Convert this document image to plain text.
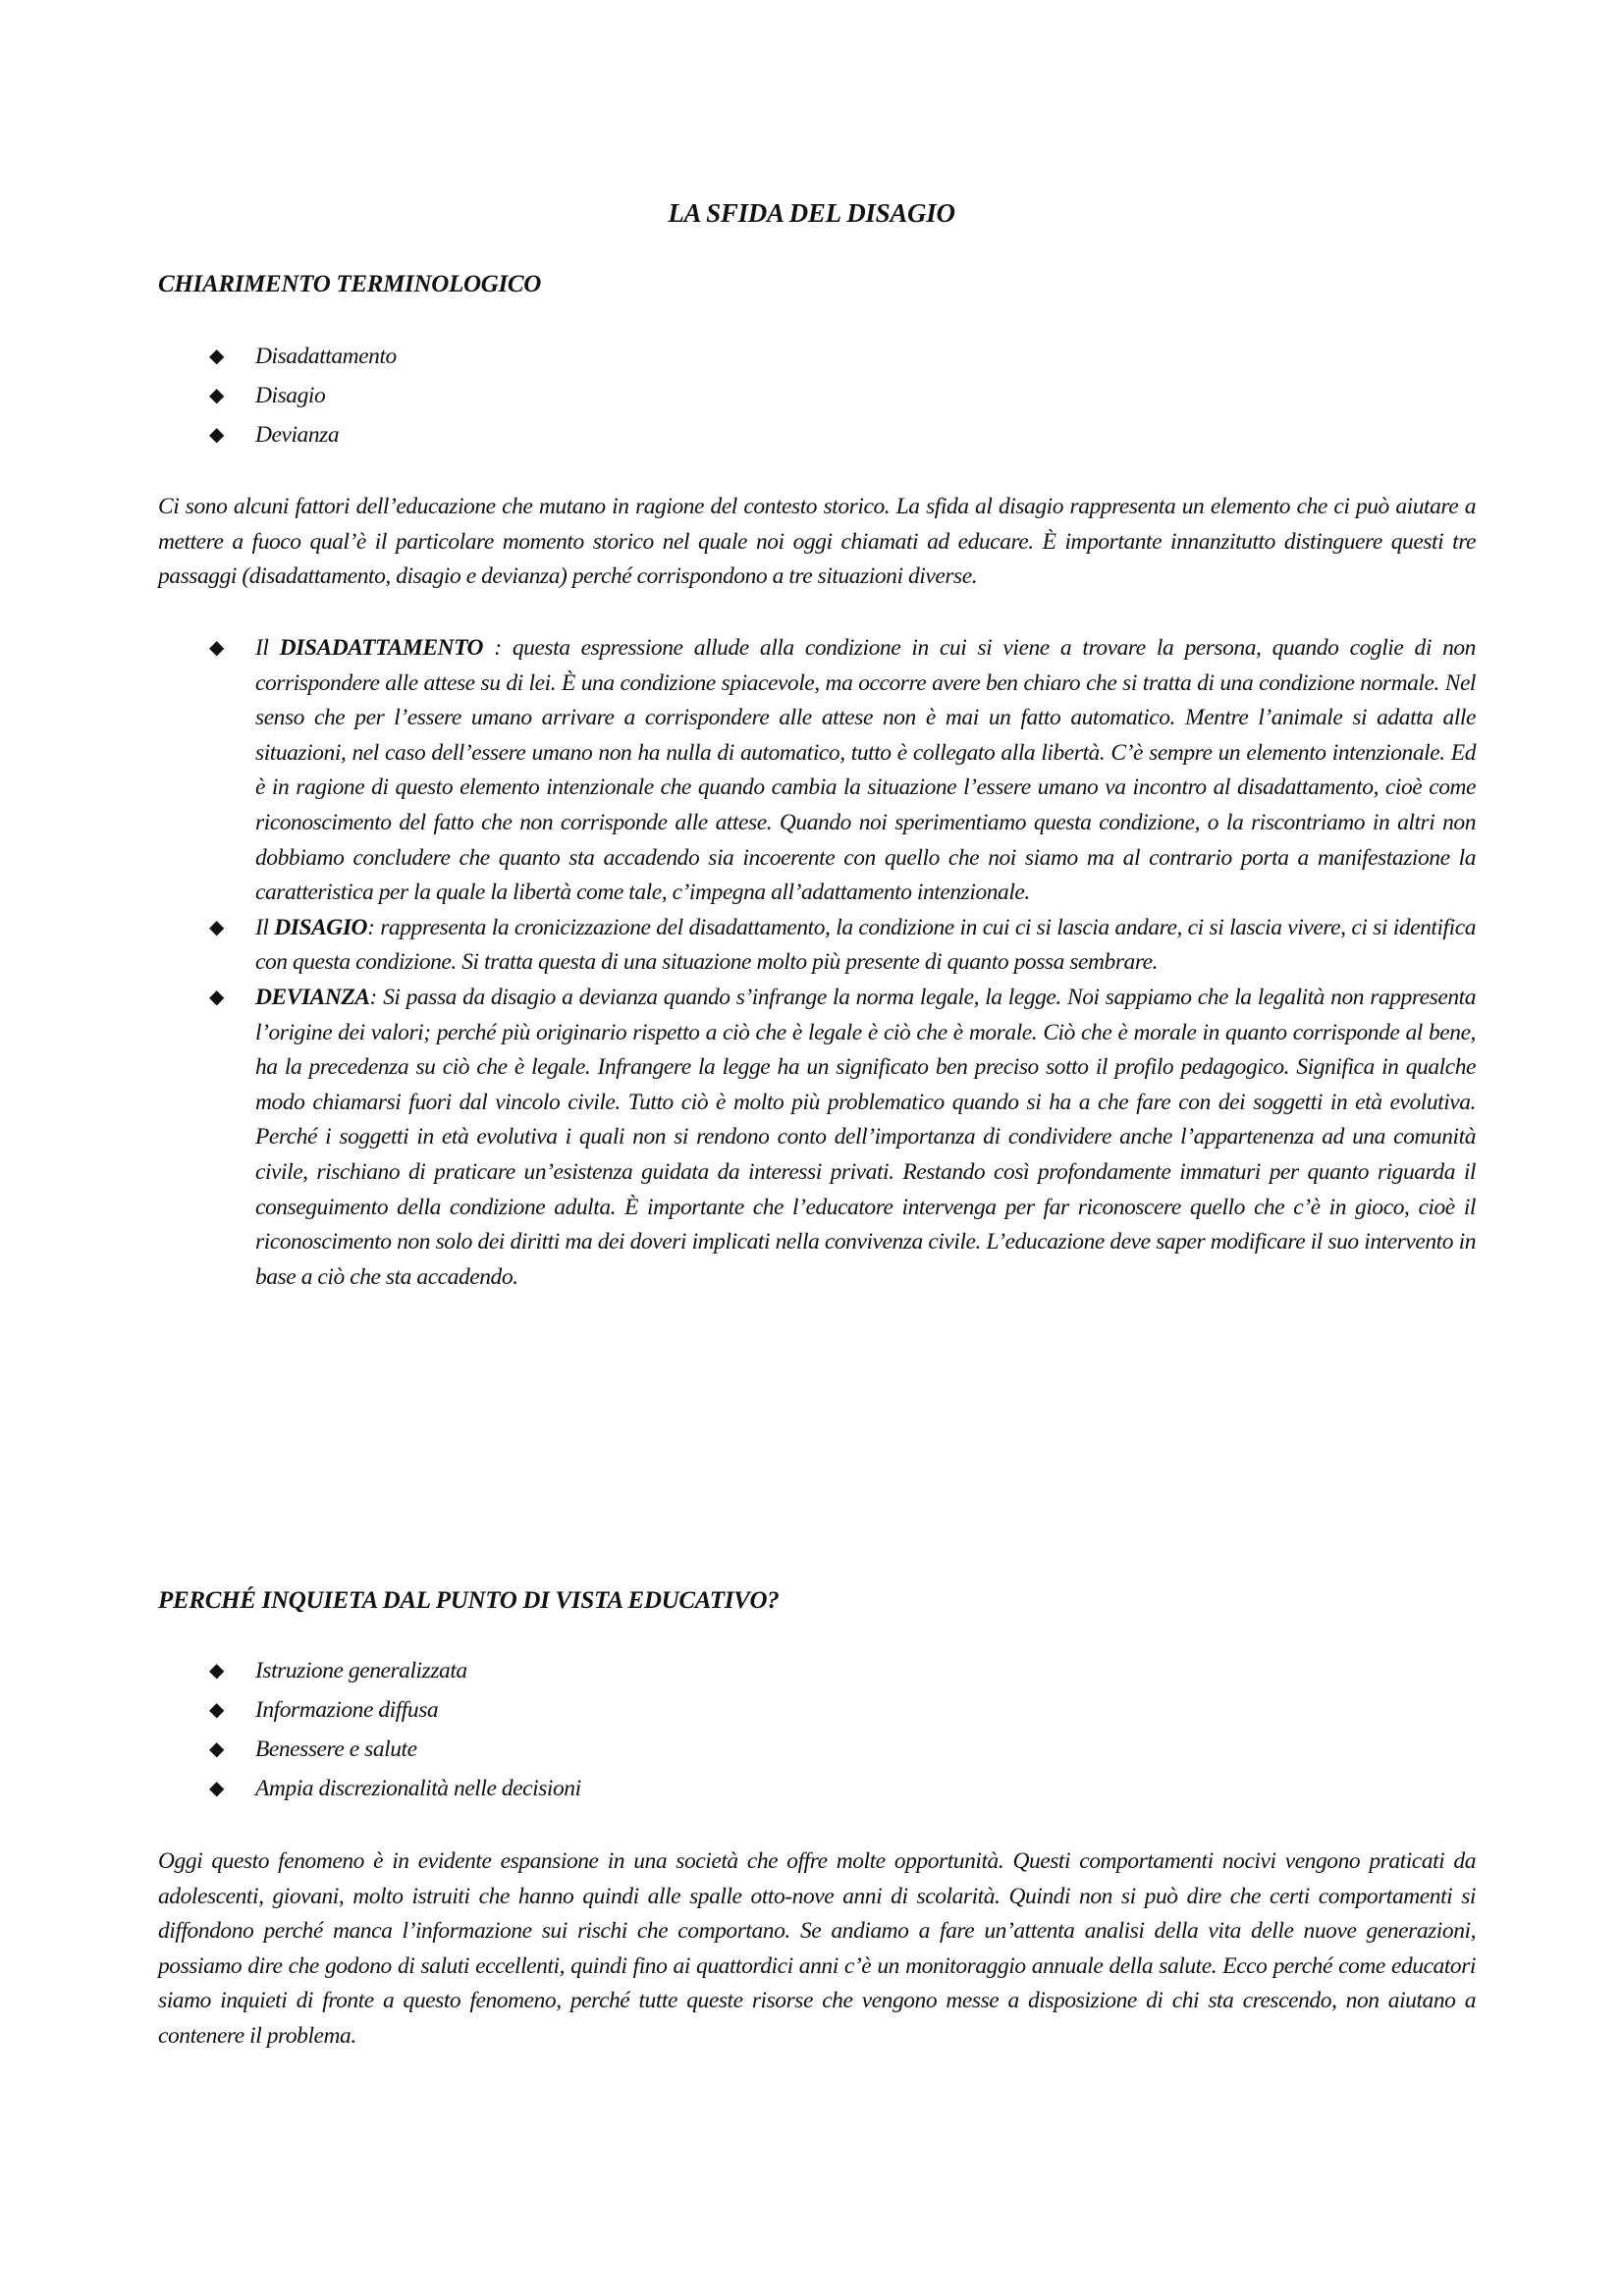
LA SFIDA DEL DISAGIO
CHIARIMENTO TERMINOLOGICO
◆ Disadattamento
◆ Disagio
◆ Devianza

Ci sono alcuni fattori dell’educazione che mutano in ragione del contesto storico. La sfida al disagio rappresenta un elemento che ci può aiutare a mettere a fuoco qual’è il particolare momento storico nel quale noi oggi chiamati ad educare. È importante innanzitutto distinguere questi tre passaggi (disadattamento, disagio e devianza) perché corrispondono a tre situazioni diverse.

◆ Il DISADATTAMENTO : questa espressione allude alla condizione in cui si viene a trovare la persona, quando coglie di non corrispondere alle attese su di lei. È una condizione spiacevole, ma occorre avere ben chiaro che si tratta di una condizione normale. Nel senso che per l’essere umano arrivare a corrispondere alle attese non è mai un fatto automatico. Mentre l’animale si adatta alle situazioni, nel caso dell’essere umano non ha nulla di automatico, tutto è collegato alla libertà. C’è sempre un elemento intenzionale. Ed è in ragione di questo elemento intenzionale che quando cambia la situazione l’essere umano va incontro al disadattamento, cioè come riconoscimento del fatto che non corrisponde alle attese. Quando noi sperimentiamo questa condizione, o la riscontriamo in altri non dobbiamo concludere che quanto sta accadendo sia incoerente con quello che noi siamo ma al contrario porta a manifestazione la caratteristica per la quale la libertà come tale, c’impegna all’adattamento intenzionale.
◆ Il DISAGIO: rappresenta la cronicizzazione del disadattamento, la condizione in cui ci si lascia andare, ci si lascia vivere, ci si identifica con questa condizione. Si tratta questa di una situazione molto più presente di quanto possa sembrare.
◆ DEVIANZA: Si passa da disagio a devianza quando s’infrange la norma legale, la legge. Noi sappiamo che la legalità non rappresenta l’origine dei valori; perché più originario rispetto a ciò che è legale è ciò che è morale. Ciò che è morale in quanto corrisponde al bene, ha la precedenza su ciò che è legale. Infrangere la legge ha un significato ben preciso sotto il profilo pedagogico. Significa in qualche modo chiamarsi fuori dal vincolo civile. Tutto ciò è molto più problematico quando si ha a che fare con dei soggetti in età evolutiva. Perché i soggetti in età evolutiva i quali non si rendono conto dell’importanza di condividere anche l’appartenenza ad una comunità civile, rischiano di praticare un’esistenza guidata da interessi privati. Restando così profondamente immaturi per quanto riguarda il conseguimento della condizione adulta. È importante che l’educatore intervenga per far riconoscere quello che c’è in gioco, cioè il riconoscimento non solo dei diritti ma dei doveri implicati nella convivenza civile. L’educazione deve saper modificare il suo intervento in base a ciò che sta accadendo.
PERCHÉ INQUIETA DAL PUNTO DI VISTA EDUCATIVO?
◆ Istruzione generalizzata
◆ Informazione diffusa
◆ Benessere e salute
◆ Ampia discrezionalità nelle decisioni

Oggi questo fenomeno è in evidente espansione in una società che offre molte opportunità. Questi comportamenti nocivi vengono praticati da adolescenti, giovani, molto istruiti che hanno quindi alle spalle otto-nove anni di scolarità. Quindi non si può dire che certi comportamenti si diffondono perché manca l’informazione sui rischi che comportano. Se andiamo a fare un’attenta analisi della vita delle nuove generazioni, possiamo dire che godono di saluti eccellenti, quindi fino ai quattordici anni c’è un monitoraggio annuale della salute. Ecco perché come educatori siamo inquieti di fronte a questo fenomeno, perché tutte queste risorse che vengono messe a disposizione di chi sta crescendo, non aiutano a contenere il problema.
